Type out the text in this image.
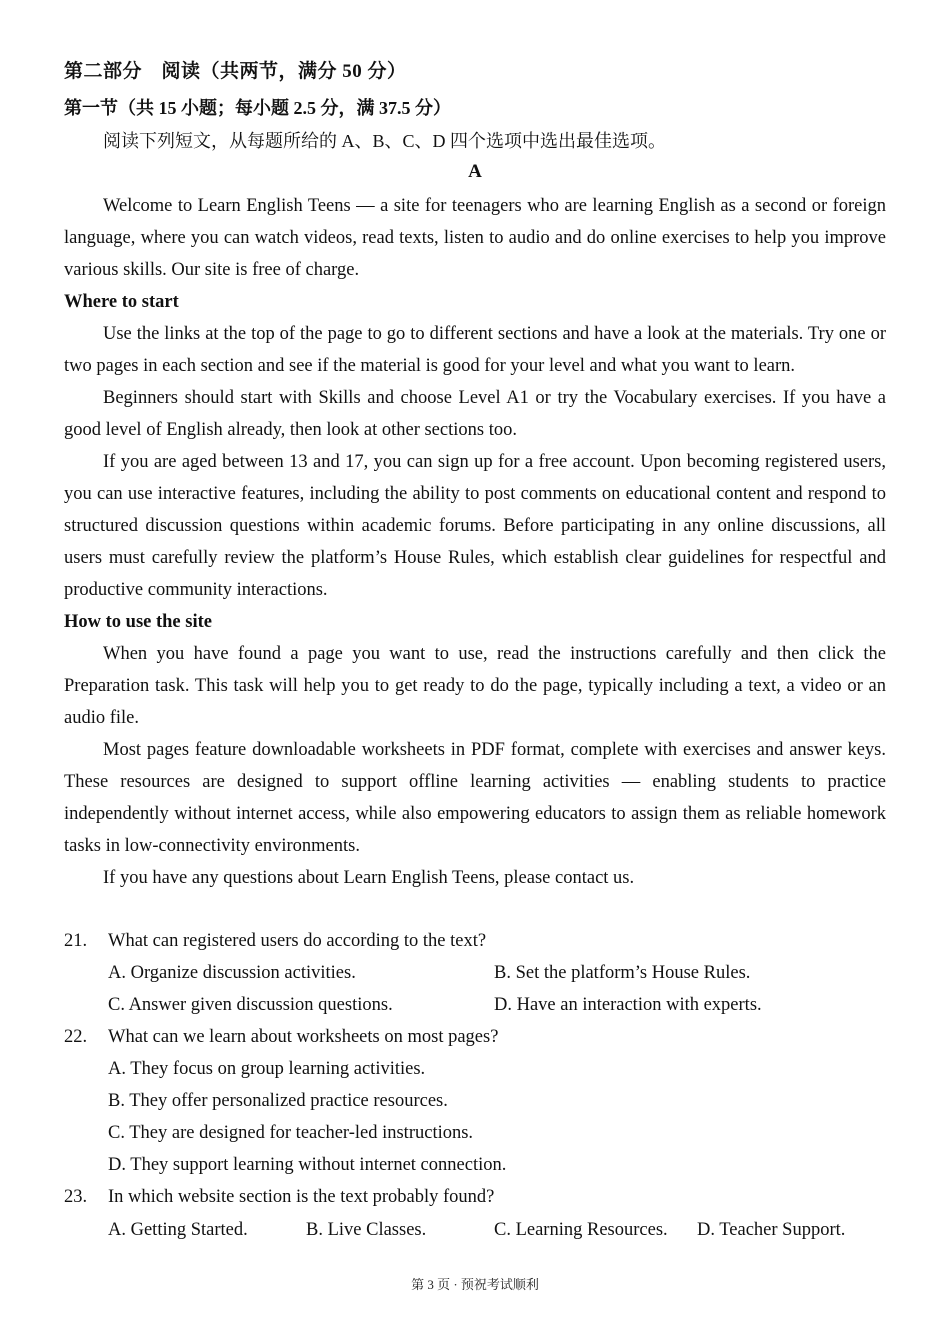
第二部分　阅读（共两节，满分 50 分）
第一节（共 15 小题；每小题 2.5 分，满 37.5 分）
阅读下列短文，从每题所给的 A、B、C、D 四个选项中选出最佳选项。
A

Welcome to Learn English Teens — a site for teenagers who are learning English as a second or foreign language, where you can watch videos, read texts, listen to audio and do online exercises to help you improve various skills. Our site is free of charge.

Where to start

Use the links at the top of the page to go to different sections and have a look at the materials. Try one or two pages in each section and see if the material is good for your level and what you want to learn.

Beginners should start with Skills and choose Level A1 or try the Vocabulary exercises. If you have a good level of English already, then look at other sections too.

If you are aged between 13 and 17, you can sign up for a free account. Upon becoming registered users, you can use interactive features, including the ability to post comments on educational content and respond to structured discussion questions within academic forums. Before participating in any online discussions, all users must carefully review the platform’s House Rules, which establish clear guidelines for respectful and productive community interactions.

How to use the site

When you have found a page you want to use, read the instructions carefully and then click the Preparation task. This task will help you to get ready to do the page, typically including a text, a video or an audio file.

Most pages feature downloadable worksheets in PDF format, complete with exercises and answer keys. These resources are designed to support offline learning activities — enabling students to practice independently without internet access, while also empowering educators to assign them as reliable homework tasks in low-connectivity environments.

If you have any questions about Learn English Teens, please contact us.

21. What can registered users do according to the text?
A. Organize discussion activities.	B. Set the platform’s House Rules.
C. Answer given discussion questions.	D. Have an interaction with experts.
22. What can we learn about worksheets on most pages?
A. They focus on group learning activities.
B. They offer personalized practice resources.
C. They are designed for teacher-led instructions.
D. They support learning without internet connection.
23. In which website section is the text probably found?
A. Getting Started.	B. Live Classes.	C. Learning Resources. D. Teacher Support.
第 3 页 · 预祝考试顺利
